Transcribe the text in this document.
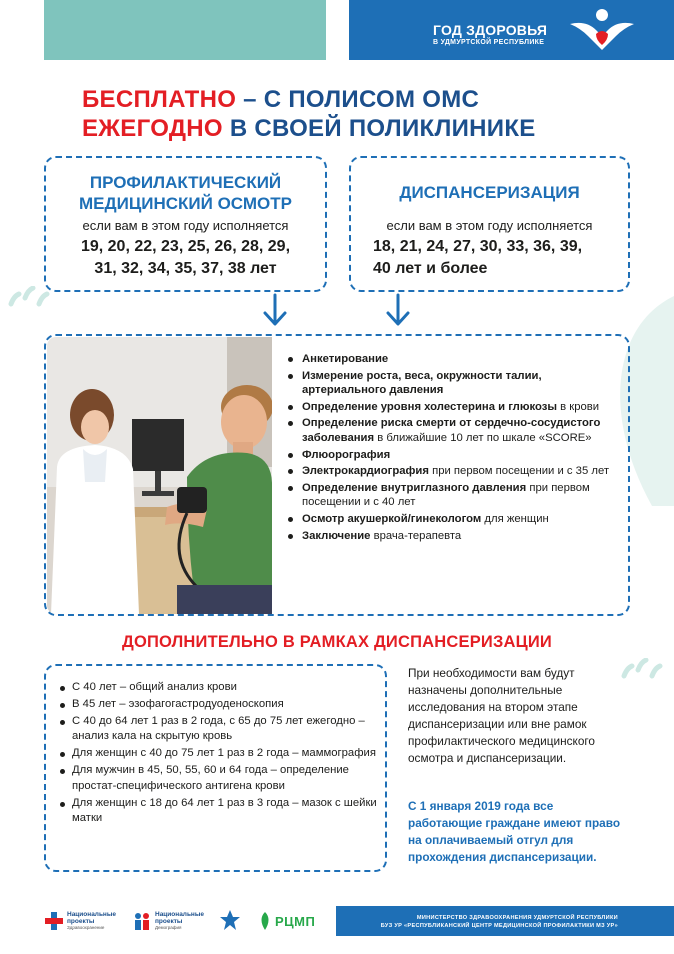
ГОД ЗДОРОВЬЯ
В УДМУРТСКОЙ РЕСПУБЛИКЕ
БЕСПЛАТНО – С ПОЛИСОМ ОМС
ЕЖЕГОДНО В СВОЕЙ ПОЛИКЛИНИКЕ
ПРОФИЛАКТИЧЕСКИЙ
МЕДИЦИНСКИЙ ОСМОТР
если вам в этом году исполняется
19, 20, 22, 23, 25, 26, 28, 29,
31, 32, 34, 35, 37, 38 лет
ДИСПАНСЕРИЗАЦИЯ
если вам в этом году исполняется
18, 21, 24, 27, 30, 33, 36, 39,
40 лет и более
Анкетирование
Измерение роста, веса, окружности талии, артериального давления
Определение уровня холестерина и глюкозы в крови
Определение риска смерти от сердечно-сосудистого заболевания в ближайшие 10 лет по шкале «SCORE»
Флюорография
Электрокардиография при первом посещении и с 35 лет
Определение внутриглазного давления при первом посещении и с 40 лет
Осмотр акушеркой/гинекологом для женщин
Заключение врача-терапевта
ДОПОЛНИТЕЛЬНО В РАМКАХ ДИСПАНСЕРИЗАЦИИ
С 40 лет – общий анализ крови
В 45 лет – эзофагогастродуоденоскопия
С 40 до 64 лет 1 раз в 2 года, с 65 до 75 лет ежегодно – анализ кала на скрытую кровь
Для женщин с 40 до 75 лет 1 раз в 2 года – маммография
Для мужчин в 45, 50, 55, 60 и 64 года – определение простат-специфического антигена крови
Для женщин с 18 до 64 лет 1 раз в 3 года – мазок с шейки матки
При необходимости вам будут назначены дополнительные исследования на втором этапе диспансеризации или вне рамок профилактического медицинского осмотра и диспансеризации.
С 1 января 2019 года все работающие граждане имеют право на оплачиваемый отгул для прохождения диспансеризации.
Национальные
проекты
Здравоохранение
Национальные
проекты
Демография	РЦМП	МИНИСТЕРСТВО ЗДРАВООХРАНЕНИЯ УДМУРТСКОЙ РЕСПУБЛИКИ
БУЗ УР «РЕСПУБЛИКАНСКИЙ ЦЕНТР МЕДИЦИНСКОЙ ПРОФИЛАКТИКИ МЗ УР»
